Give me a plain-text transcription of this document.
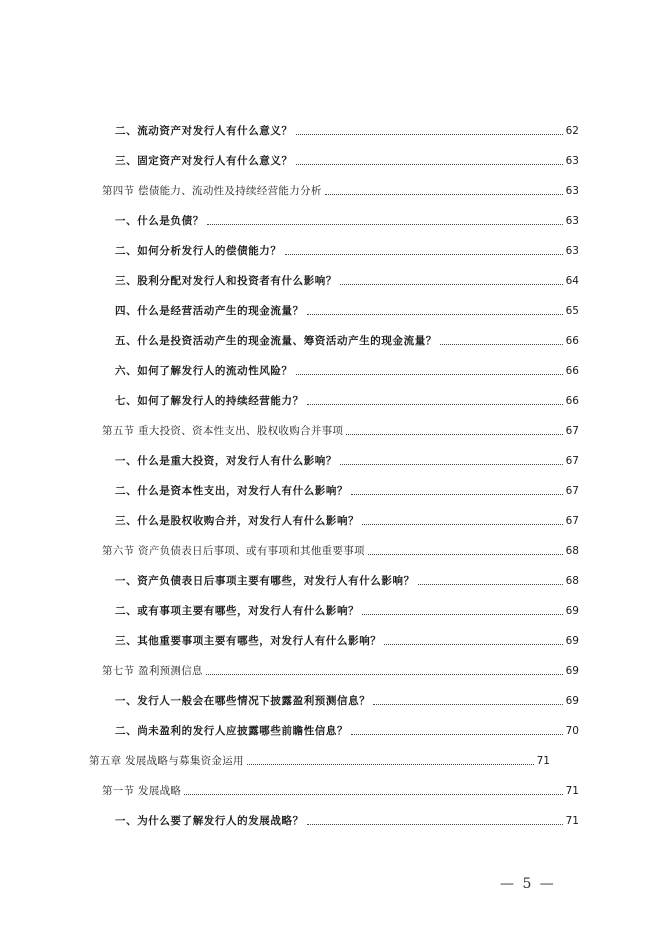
二、流动资产对发行人有什么意义？	62
三、固定资产对发行人有什么意义？	63
第四节 偿债能力、流动性及持续经营能力分析	63
一、什么是负债？	63
二、如何分析发行人的偿债能力？	63
三、股利分配对发行人和投资者有什么影响？	64
四、什么是经营活动产生的现金流量？	65
五、什么是投资活动产生的现金流量、筹资活动产生的现金流量？	66
六、如何了解发行人的流动性风险？	66
七、如何了解发行人的持续经营能力？	66
第五节 重大投资、资本性支出、股权收购合并事项	67
一、什么是重大投资，对发行人有什么影响？	67
二、什么是资本性支出，对发行人有什么影响？	67
三、什么是股权收购合并，对发行人有什么影响？	67
第六节 资产负债表日后事项、或有事项和其他重要事项	68
一、资产负债表日后事项主要有哪些，对发行人有什么影响？	68
二、或有事项主要有哪些，对发行人有什么影响？	69
三、其他重要事项主要有哪些，对发行人有什么影响？	69
第七节 盈利预测信息	69
一、发行人一般会在哪些情况下披露盈利预测信息？	69
二、尚未盈利的发行人应披露哪些前瞻性信息？	70
第五章 发展战略与募集资金运用	71
第一节 发展战略	71
一、为什么要了解发行人的发展战略？	71
— 5 —
